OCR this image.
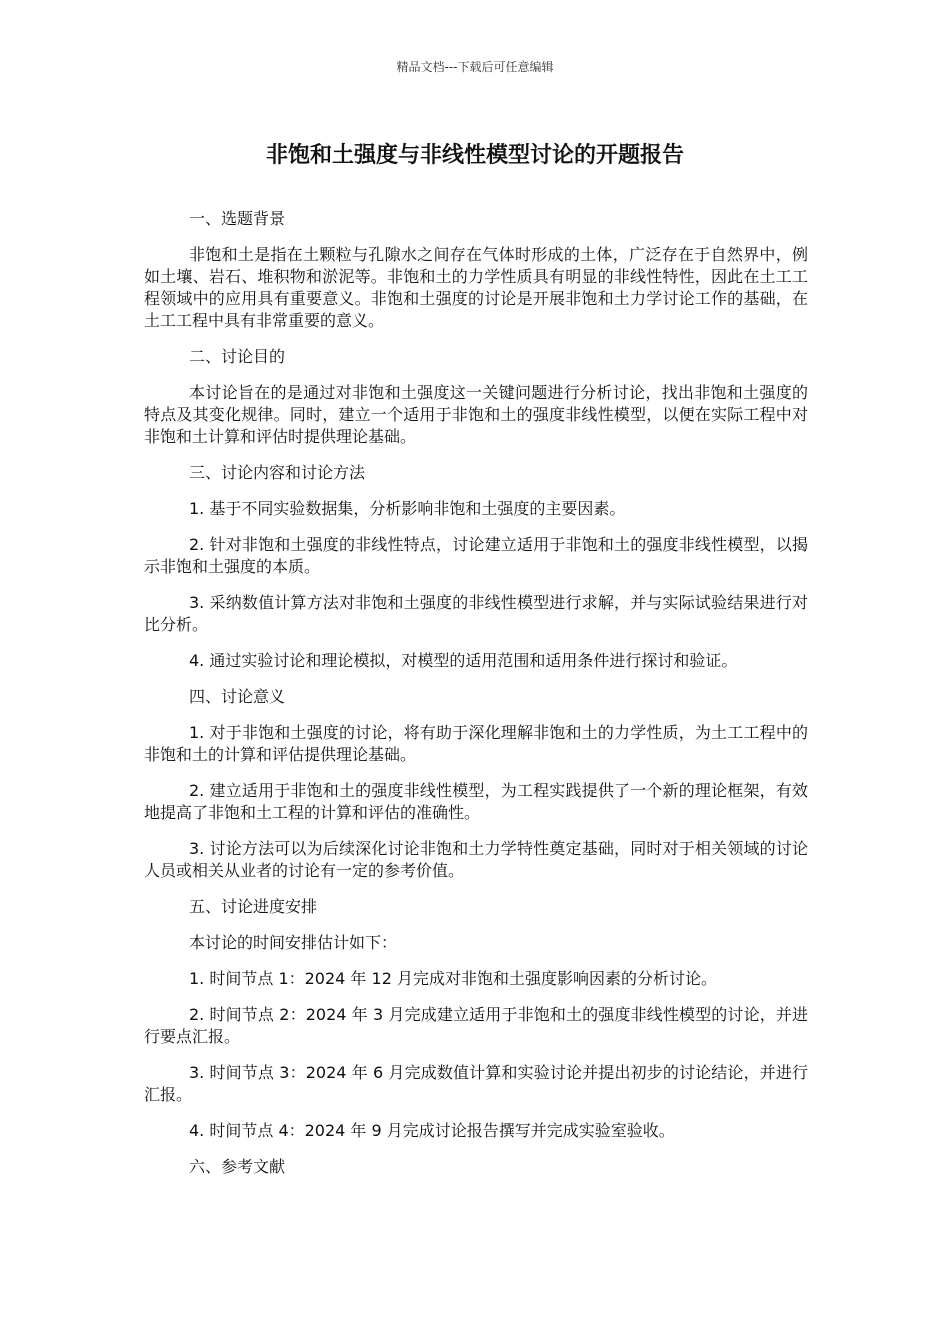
精品文档---下载后可任意编辑
非饱和土强度与非线性模型讨论的开题报告

一、选题背景

非饱和土是指在土颗粒与孔隙水之间存在气体时形成的土体，广泛存在于自然界中，例如土壤、岩石、堆积物和淤泥等。非饱和土的力学性质具有明显的非线性特性，因此在土工工程领域中的应用具有重要意义。非饱和土强度的讨论是开展非饱和土力学讨论工作的基础，在土工工程中具有非常重要的意义。

二、讨论目的

本讨论旨在的是通过对非饱和土强度这一关键问题进行分析讨论，找出非饱和土强度的特点及其变化规律。同时，建立一个适用于非饱和土的强度非线性模型，以便在实际工程中对非饱和土计算和评估时提供理论基础。

三、讨论内容和讨论方法

1. 基于不同实验数据集，分析影响非饱和土强度的主要因素。

2. 针对非饱和土强度的非线性特点，讨论建立适用于非饱和土的强度非线性模型，以揭示非饱和土强度的本质。

3. 采纳数值计算方法对非饱和土强度的非线性模型进行求解，并与实际试验结果进行对比分析。

4. 通过实验讨论和理论模拟，对模型的适用范围和适用条件进行探讨和验证。

四、讨论意义

1. 对于非饱和土强度的讨论，将有助于深化理解非饱和土的力学性质，为土工工程中的非饱和土的计算和评估提供理论基础。

2. 建立适用于非饱和土的强度非线性模型，为工程实践提供了一个新的理论框架，有效地提高了非饱和土工程的计算和评估的准确性。

3. 讨论方法可以为后续深化讨论非饱和土力学特性奠定基础，同时对于相关领域的讨论人员或相关从业者的讨论有一定的参考价值。

五、讨论进度安排

本讨论的时间安排估计如下：

1. 时间节点 1：2024 年 12 月完成对非饱和土强度影响因素的分析讨论。

2. 时间节点 2：2024 年 3 月完成建立适用于非饱和土的强度非线性模型的讨论，并进行要点汇报。

3. 时间节点 3：2024 年 6 月完成数值计算和实验讨论并提出初步的讨论结论，并进行汇报。

4. 时间节点 4：2024 年 9 月完成讨论报告撰写并完成实验室验收。

六、参考文献
